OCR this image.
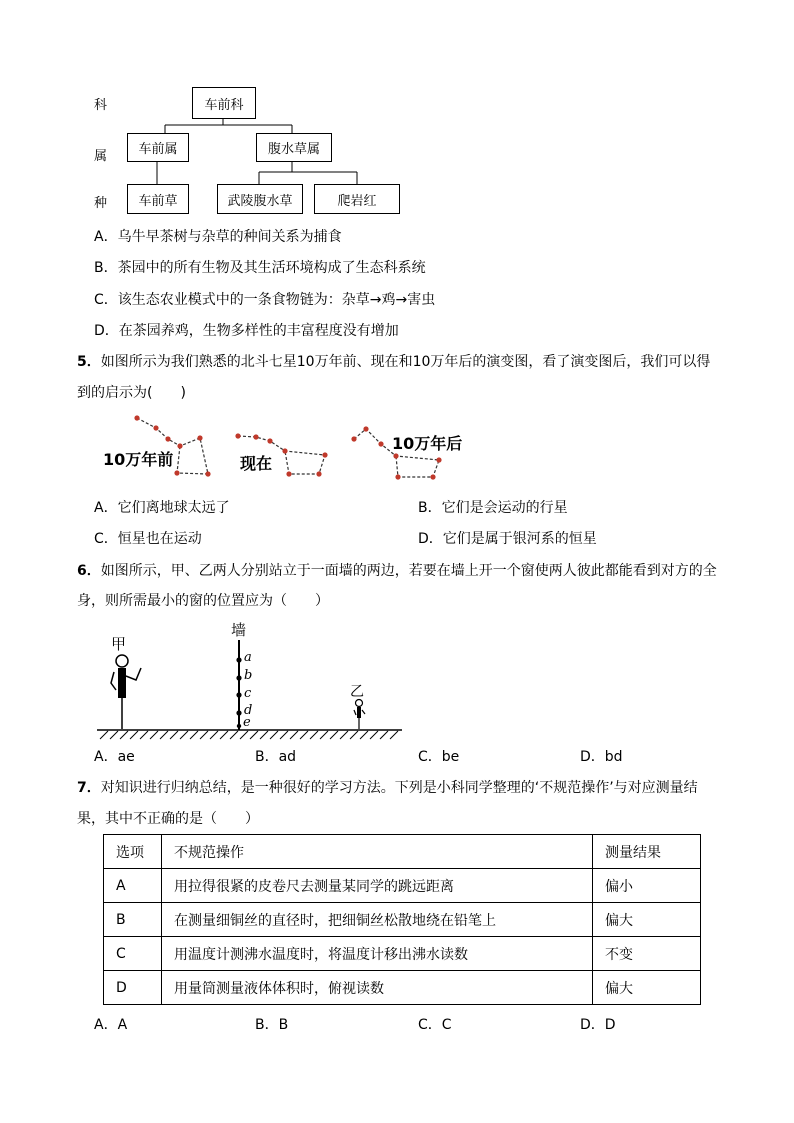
科
属
种
车前科
车前属	腹水草属
车前草	武陵腹水草	爬岩红
A．乌牛早茶树与杂草的种间关系为捕食
B．茶园中的所有生物及其生活环境构成了生态科系统
C．该生态农业模式中的一条食物链为：杂草→鸡→害虫
D．在茶园养鸡，生物多样性的丰富程度没有增加
5．如图所示为我们熟悉的北斗七星10万年前、现在和10万年后的演变图，看了演变图后，我们可以得
到的启示为(　　)
10万年前	现在
10万年后
A．它们离地球太远了	B．它们是会运动的行星
C．恒星也在运动	D．它们是属于银河系的恒星
6．如图所示，甲、乙两人分别站立于一面墙的两边，若要在墙上开一个窗使两人彼此都能看到对方的全
身，则所需最小的窗的位置应为（　　）
墙
甲
乙
a
b
c
d
e
A．ae	B．ad	C．be	D．bd
7．对知识进行归纳总结，是一种很好的学习方法。下列是小科同学整理的‘不规范操作’与对应测量结
果，其中不正确的是（　　）
选项	不规范操作	测量结果
A	用拉得很紧的皮卷尺去测量某同学的跳远距离	偏小
B	在测量细铜丝的直径时，把细铜丝松散地绕在铅笔上	偏大
C	用温度计测沸水温度时，将温度计移出沸水读数	不变
D	用量筒测量液体体积时，俯视读数	偏大
A．A	B．B	C．C	D．D
